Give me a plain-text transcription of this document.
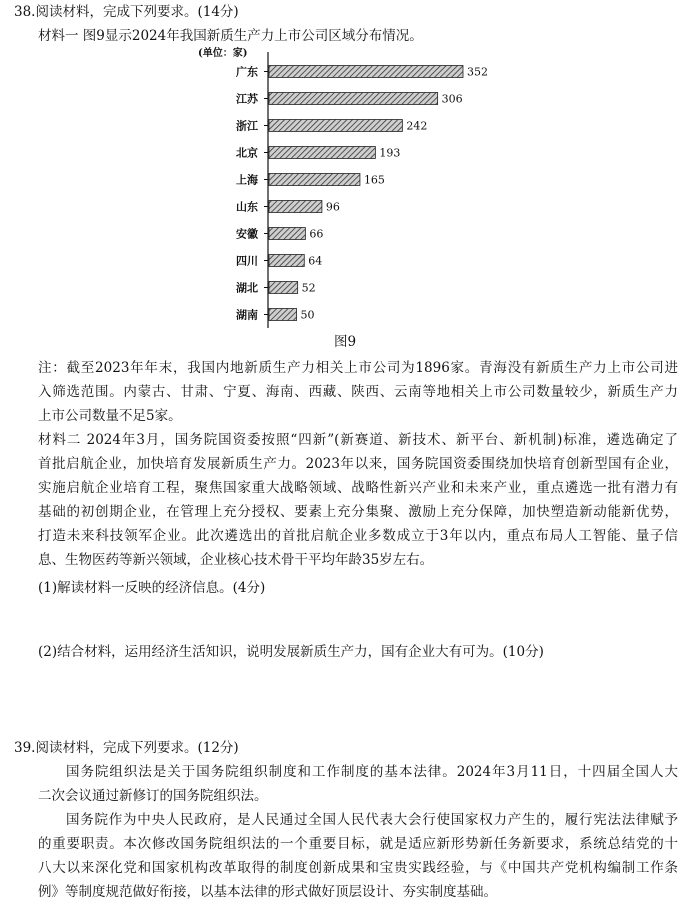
38.阅读材料，完成下列要求。(14分)
材料一 图9显示2024年我国新质生产力上市公司区域分布情况。
(单位：家)
广东	352
江苏	306
浙江	242
北京	193
上海	165
山东	96
安徽	66
四川	64
湖北	52
湖南	50
图9
注：截至2023年年末，我国内地新质生产力相关上市公司为1896家。青海没有新质生产力上市公司进
入筛选范围。内蒙古、甘肃、宁夏、海南、西藏、陕西、云南等地相关上市公司数量较少，新质生产力
上市公司数量不足5家。
材料二 2024年3月，国务院国资委按照“四新”(新赛道、新技术、新平台、新机制)标准，遴选确定了
首批启航企业，加快培育发展新质生产力。2023年以来，国务院国资委围绕加快培育创新型国有企业，
实施启航企业培育工程，聚焦国家重大战略领域、战略性新兴产业和未来产业，重点遴选一批有潜力有
基础的初创期企业，在管理上充分授权、要素上充分集聚、激励上充分保障，加快塑造新动能新优势，
打造未来科技领军企业。此次遴选出的首批启航企业多数成立于3年以内，重点布局人工智能、量子信
息、生物医药等新兴领域，企业核心技术骨干平均年龄35岁左右。
(1)解读材料一反映的经济信息。(4分)
(2)结合材料，运用经济生活知识，说明发展新质生产力，国有企业大有可为。(10分)
39.阅读材料，完成下列要求。(12分)
国务院组织法是关于国务院组织制度和工作制度的基本法律。2024年3月11日，十四届全国人大
二次会议通过新修订的国务院组织法。
国务院作为中央人民政府，是人民通过全国人民代表大会行使国家权力产生的，履行宪法法律赋予
的重要职责。本次修改国务院组织法的一个重要目标，就是适应新形势新任务新要求，系统总结党的十
八大以来深化党和国家机构改革取得的制度创新成果和宝贵实践经验，与《中国共产党机构编制工作条
例》等制度规范做好衔接，以基本法律的形式做好顶层设计、夯实制度基础。
